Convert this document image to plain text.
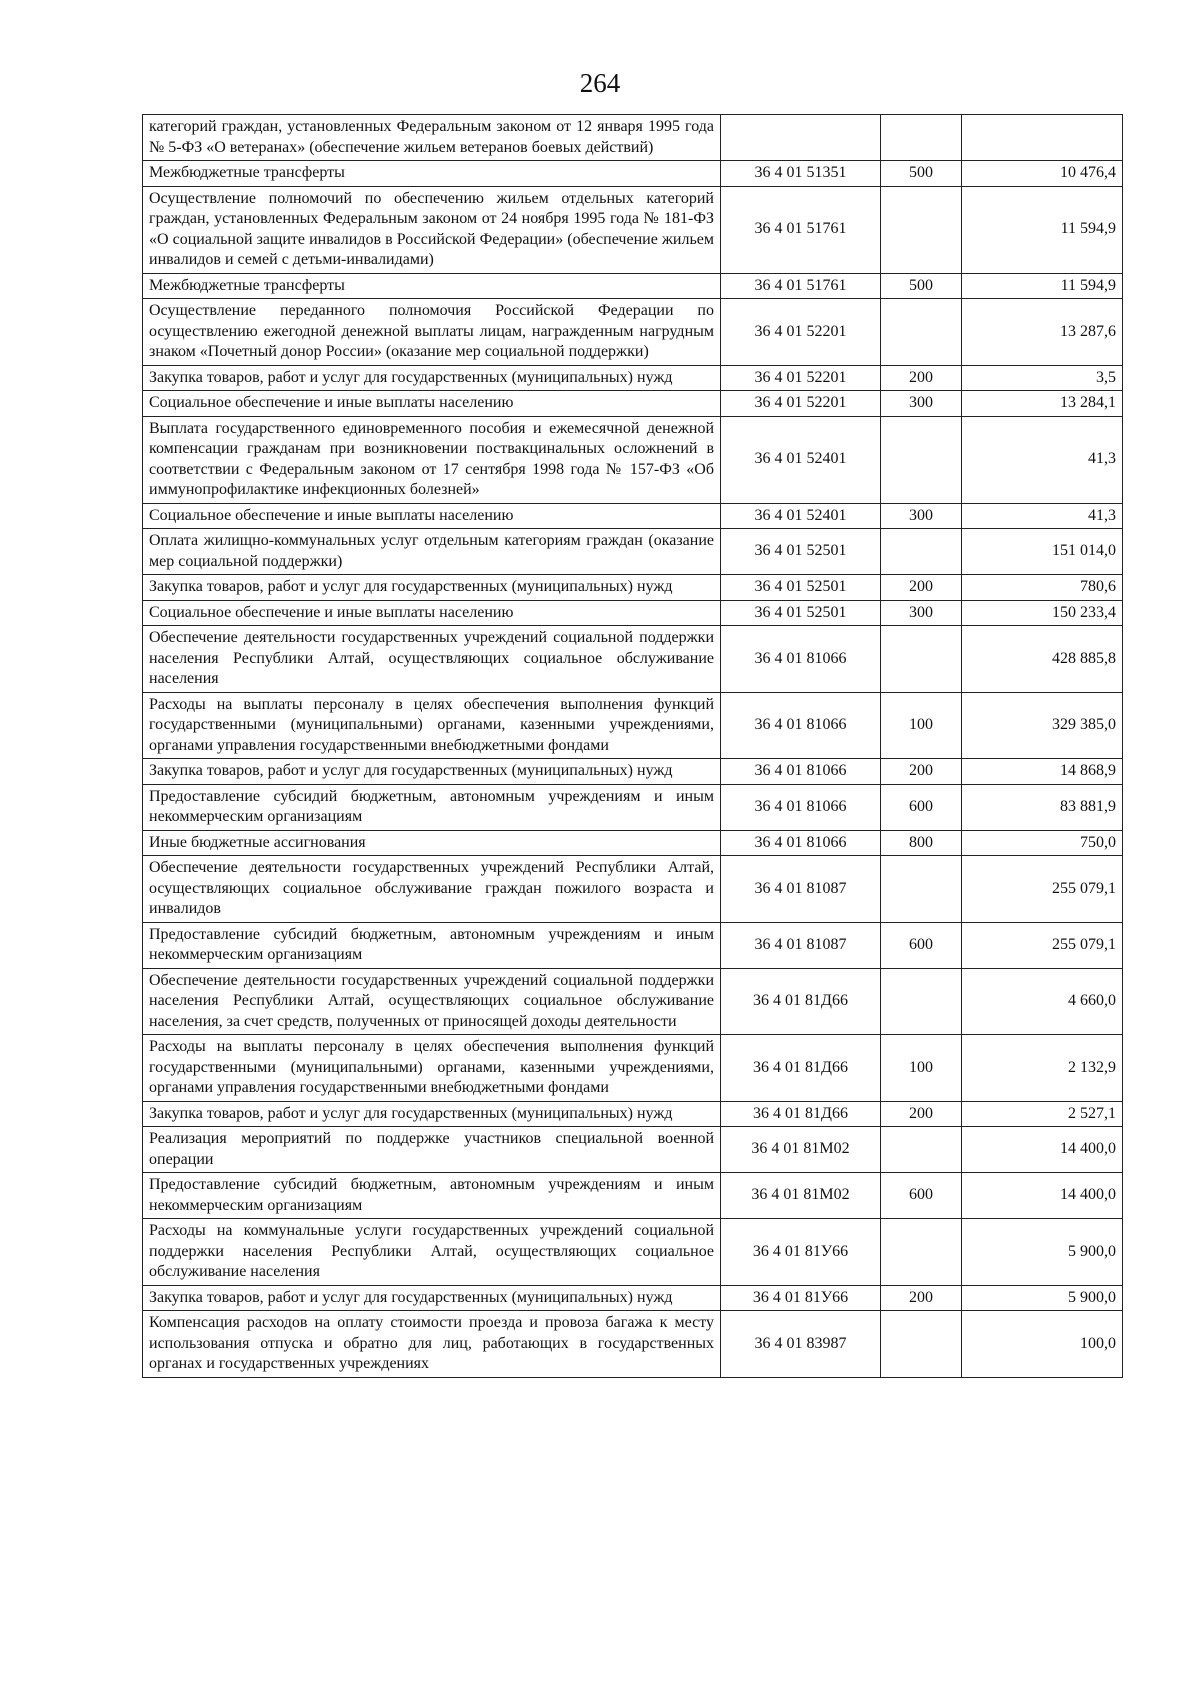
264
категорий граждан, установленных Федеральным законом от 12 января 1995 года № 5-ФЗ «О ветеранах» (обеспечение жильем ветеранов боевых действий)			
Межбюджетные трансферты	36 4 01 51351	500	10 476,4
Осуществление полномочий по обеспечению жильем отдельных категорий граждан, установленных Федеральным законом от 24 ноября 1995 года № 181-ФЗ «О социальной защите инвалидов в Российской Федерации» (обеспечение жильем инвалидов и семей с детьми-инвалидами)	36 4 01 51761		11 594,9
Межбюджетные трансферты	36 4 01 51761	500	11 594,9
Осуществление переданного полномочия Российской Федерации по осуществлению ежегодной денежной выплаты лицам, награжденным нагрудным знаком «Почетный донор России» (оказание мер социальной поддержки)	36 4 01 52201		13 287,6
Закупка товаров, работ и услуг для государственных (муниципальных) нужд	36 4 01 52201	200	3,5
Социальное обеспечение и иные выплаты населению	36 4 01 52201	300	13 284,1
Выплата государственного единовременного пособия и ежемесячной денежной компенсации гражданам при возникновении поствакцинальных осложнений в соответствии с Федеральным законом от 17 сентября 1998 года № 157-ФЗ «Об иммунопрофилактике инфекционных болезней»	36 4 01 52401		41,3
Социальное обеспечение и иные выплаты населению	36 4 01 52401	300	41,3
Оплата жилищно-коммунальных услуг отдельным категориям граждан (оказание мер социальной поддержки)	36 4 01 52501		151 014,0
Закупка товаров, работ и услуг для государственных (муниципальных) нужд	36 4 01 52501	200	780,6
Социальное обеспечение и иные выплаты населению	36 4 01 52501	300	150 233,4
Обеспечение деятельности государственных учреждений социальной поддержки населения Республики Алтай, осуществляющих социальное обслуживание населения	36 4 01 81066		428 885,8
Расходы на выплаты персоналу в целях обеспечения выполнения функций государственными (муниципальными) органами, казенными учреждениями, органами управления государственными внебюджетными фондами	36 4 01 81066	100	329 385,0
Закупка товаров, работ и услуг для государственных (муниципальных) нужд	36 4 01 81066	200	14 868,9
Предоставление субсидий бюджетным, автономным учреждениям и иным некоммерческим организациям	36 4 01 81066	600	83 881,9
Иные бюджетные ассигнования	36 4 01 81066	800	750,0
Обеспечение деятельности государственных учреждений Республики Алтай, осуществляющих социальное обслуживание граждан пожилого возраста и инвалидов	36 4 01 81087		255 079,1
Предоставление субсидий бюджетным, автономным учреждениям и иным некоммерческим организациям	36 4 01 81087	600	255 079,1
Обеспечение деятельности государственных учреждений социальной поддержки населения Республики Алтай, осуществляющих социальное обслуживание населения, за счет средств, полученных от приносящей доходы деятельности	36 4 01 81Д66		4 660,0
Расходы на выплаты персоналу в целях обеспечения выполнения функций государственными (муниципальными) органами, казенными учреждениями, органами управления государственными внебюджетными фондами	36 4 01 81Д66	100	2 132,9
Закупка товаров, работ и услуг для государственных (муниципальных) нужд	36 4 01 81Д66	200	2 527,1
Реализация мероприятий по поддержке участников специальной военной операции	36 4 01 81М02		14 400,0
Предоставление субсидий бюджетным, автономным учреждениям и иным некоммерческим организациям	36 4 01 81М02	600	14 400,0
Расходы на коммунальные услуги государственных учреждений социальной поддержки населения Республики Алтай, осуществляющих социальное обслуживание населения	36 4 01 81У66		5 900,0
Закупка товаров, работ и услуг для государственных (муниципальных) нужд	36 4 01 81У66	200	5 900,0
Компенсация расходов на оплату стоимости проезда и провоза багажа к месту использования отпуска и обратно для лиц, работающих в государственных органах и государственных учреждениях	36 4 01 83987		100,0
